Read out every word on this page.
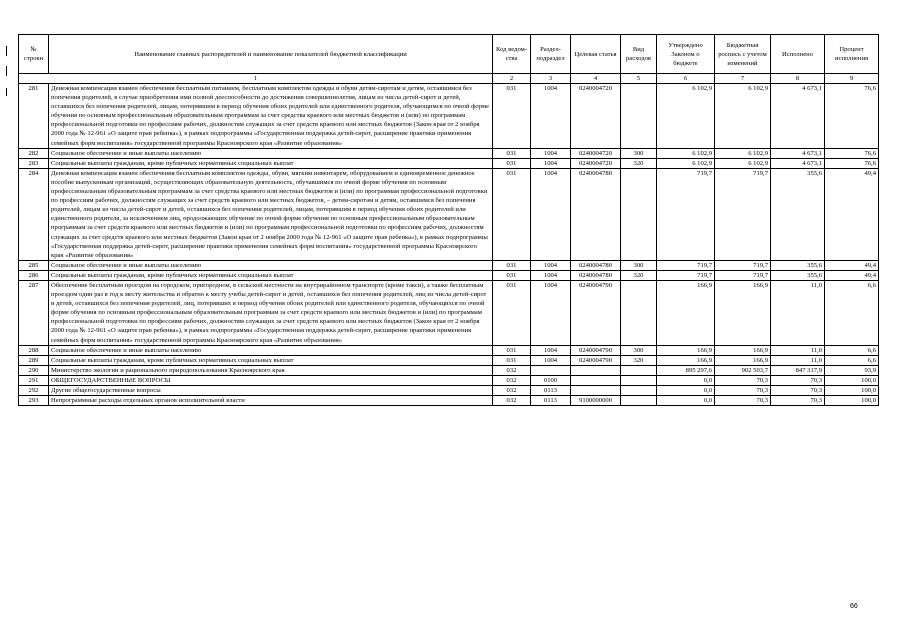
№ строки	Наименование главных распорядителей и наименование показателей бюджетной классификации	Код ведом-ства	Раздел-подраздел	Целевая статья	Вид расходов	Утверждено Законом о бюджете	Бюджетная роспись с учетом изменений	Исполнено	Процент исполнения
1		2	3	4	5	6	7	8	9
281	Денежная компенсация взамен обеспечения бесплатным питанием, бесплатным комплектом одежды и обуви детям-сиротам и детям, оставшимся без попечения родителей, в случае приобретения ими полной дееспособности до достижения совершеннолетия, лицам из числа детей-сирот и детей, оставшихся без попечения родителей, лицам, потерявшим в период обучения обоих родителей или единственного родителя, обучающимся по очной форме обучения по основным профессиональным образовательным программам за счет средства краевого или местных бюджетов и (или) по программам профессиональной подготовки по профессиям рабочих, должностям служащих за счет средств краевого или местных бюджетов (Закон края от 2 ноября 2000 года № 12-961 «О защите прав ребенка»), в рамках подпрограммы «Государственная поддержка детей-сирот, расширение практики применения семейных форм воспитания» государственной программы Красноярского края «Развитие образования»	031	1004	0240004720		6 102,9	6 102,9	4 673,1	76,6
282	Социальное обеспечение и иные выплаты населению	031	1004	0240004720	300	6 102,9	6 102,9	4 673,1	76,6
283	Социальные выплаты гражданам, кроме публичных нормативных социальных выплат	031	1004	0240004720	320	6 102,9	6 102,9	4 673,1	76,6
284	Денежная компенсация взамен обеспечения бесплатным комплектом одежды, обуви, мягким инвентарем, оборудованием и единовременное денежное пособие выпускникам организаций, осуществляющих образовательную деятельность, обучавшимся по очной форме обучения по основным профессиональным образовательным программам за счет средства краевого или местных бюджетов и (или) по программам профессиональной подготовки по профессиям рабочих, должностям служащих за счет средств краевого или местных бюджетов, – детям-сиротам и детям, оставшимся без попечения родителей, лицам из числа детей-сирот и детей, оставшихся без попечения родителей, лицам, потерявшим в период обучения обоих родителей или единственного родителя, за исключением лиц, продолжающих обучение по очной форме обучения по основным профессиональным образовательным программам за счет средств краевого или местных бюджетов и (или) по программам профессиональной подготовки по профессиям рабочих, должностям служащих за счет средств краевого или местных бюджетов (Закон края от 2 ноября 2000 года № 12-961 «О защите прав ребенка»), в рамках подпрограммы «Государственная поддержка детей-сирот, расширение практики применения семейных форм воспитания» государственной программы Красноярского края «Развитие образования»	031	1004	0240004780		719,7	719,7	355,6	49,4
285	Социальное обеспечение и иные выплаты населению	031	1004	0240004780	300	719,7	719,7	355,6	49,4
286	Социальные выплаты гражданам, кроме публичных нормативных социальных выплат	031	1004	0240004780	320	719,7	719,7	355,6	49,4
287	Обеспечение бесплатным проездом на городском, пригородном, в сельской местности на внутрирайонном транспорте (кроме такси), а также бесплатным проездом один раз в год к месту жительства и обратно к месту учебы детей-сирот и детей, оставшихся без попечения родителей, лиц из числа детей-сирот и детей, оставшихся без попечения родителей, лиц, потерявших в период обучения обоих родителей или единственного родителя, обучающихся по очной форме обучения по основным профессиональным образовательным программам за счет средств краевого или местных бюджетов и (или) по программам профессиональной подготовки по профессиям рабочих, должностям служащих за счет средств краевого или местных бюджетов (Закон края от 2 ноября 2000 года № 12-961 «О защите прав ребенка»), в рамках подпрограммы «Государственная поддержка детей-сирот, расширение практики применения семейных форм воспитания» государственной программы Красноярского края «Развитие образования»	031	1004	0240004790		166,9	166,9	11,0	6,6
288	Социальное обеспечение и иные выплаты населению	031	1004	0240004790	300	166,9	166,9	11,0	6,6
289	Социальные выплаты гражданам, кроме публичных нормативных социальных выплат	031	1004	0240004790	320	166,9	166,9	11,0	6,6
290	Министерство экологии и рационального природопользования Красноярского края	032				895 297,6	902 503,7	847 317,9	93,9
291	ОБЩЕГОСУДАРСТВЕННЫЕ ВОПРОСЫ	032	0100			0,0	70,3	70,3	100,0
292	Другие общегосударственные вопросы	032	0113			0,0	70,3	70,3	100,0
293	Непрограммные расходы отдельных органов исполнительной власти	032	0113	9100000000		0,0	70,3	70,3	100,0
66
